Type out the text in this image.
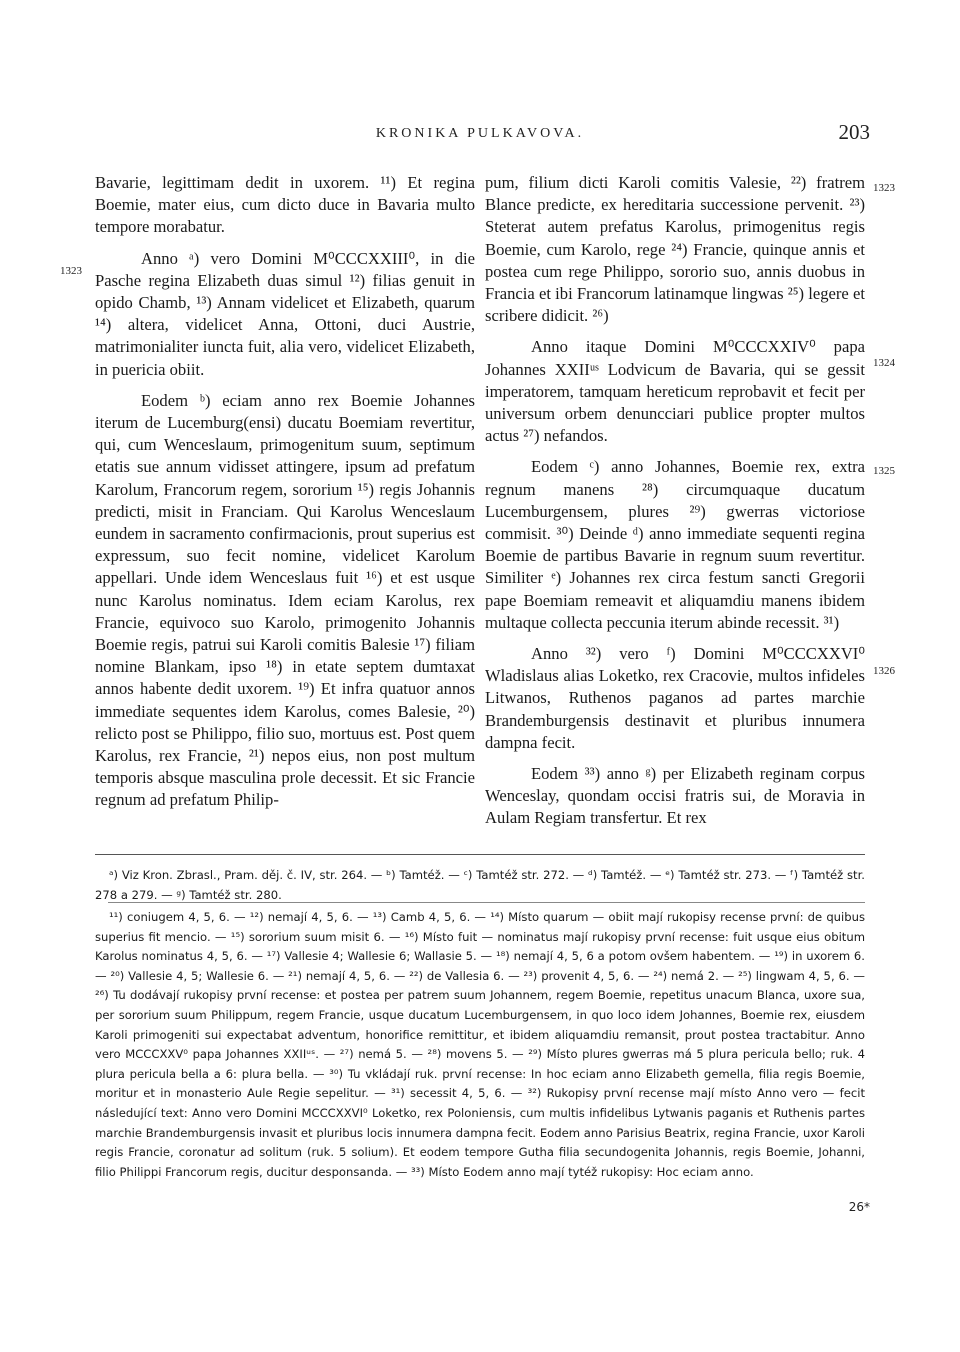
KRONIKA PULKAVOVA.	203
1323
1323
1324
1325
1326

Bavarie, legittimam dedit in uxorem. ¹¹) Et regina Boemie, mater eius, cum dicto duce in Bavaria multo tempore morabatur.

Anno ᵃ) vero Domini M⁰CCCXXIII⁰, in die Pasche regina Elizabeth duas simul ¹²) filias genuit in opido Chamb, ¹³) Annam videlicet et Elizabeth, quarum ¹⁴) altera, videlicet Anna, Ottoni, duci Austrie, matrimonialiter iuncta fuit, alia vero, videlicet Elizabeth, in puericia obiit.

Eodem ᵇ) eciam anno rex Boemie Johannes iterum de Lucemburg(ensi) ducatu Boemiam revertitur, qui, cum Wenceslaum, primogenitum suum, septimum etatis sue annum vidisset attingere, ipsum ad prefatum Karolum, Francorum regem, sororium ¹⁵) regis Johannis predicti, misit in Franciam. Qui Karolus Wenceslaum eundem in sacramento confirmacionis, prout superius est expressum, suo fecit nomine, videlicet Karolum appellari. Unde idem Wenceslaus fuit ¹⁶) et est usque nunc Karolus nominatus. Idem eciam Karolus, rex Francie, equivoco suo Karolo, primogenito Johannis Boemie regis, patrui sui Karoli comitis Balesie ¹⁷) filiam nomine Blankam, ipso ¹⁸) in etate septem dumtaxat annos habente dedit uxorem. ¹⁹) Et infra quatuor annos immediate sequentes idem Karolus, comes Balesie, ²⁰) relicto post se Philippo, filio suo, mortuus est. Post quem Karolus, rex Francie, ²¹) nepos eius, non post multum temporis absque masculina prole decessit. Et sic Francie regnum ad prefatum Philip-

pum, filium dicti Karoli comitis Valesie, ²²) fratrem Blance predicte, ex hereditaria successione pervenit. ²³) Steterat autem prefatus Karolus, primogenitus regis Boemie, cum Karolo, rege ²⁴) Francie, quinque annis et postea cum rege Philippo, sororio suo, annis duobus in Francia et ibi Francorum latinamque lingwas ²⁵) legere et scribere didicit. ²⁶)

Anno itaque Domini M⁰CCCXXIV⁰ papa Johannes XXIIᵘˢ Lodvicum de Bavaria, qui se gessit imperatorem, tamquam hereticum reprobavit et fecit per universum orbem denuncciari publice propter multos actus ²⁷) nefandos.

Eodem ᶜ) anno Johannes, Boemie rex, extra regnum manens ²⁸) circumquaque ducatum Lucemburgensem, plures ²⁹) gwerras victoriose commisit. ³⁰) Deinde ᵈ) anno immediate sequenti regina Boemie de partibus Bavarie in regnum suum revertitur. Similiter ᵉ) Johannes rex circa festum sancti Gregorii pape Boemiam remeavit et aliquamdiu manens ibidem multaque collecta peccunia iterum abinde recessit. ³¹)

Anno ³²) vero ᶠ) Domini M⁰CCCXXVI⁰ Wladislaus alias Loketko, rex Cracovie, multos infideles Litwanos, Ruthenos paganos ad partes marchie Brandemburgensis destinavit et pluribus innumera dampna fecit.

Eodem ³³) anno ᵍ) per Elizabeth reginam corpus Wenceslay, quondam occisi fratris sui, de Moravia in Aulam Regiam transfertur. Et rex

ᵃ) Viz Kron. Zbrasl., Pram. děj. č. IV, str. 264. — ᵇ) Tamtéž. — ᶜ) Tamtéž str. 272. — ᵈ) Tamtéž. — ᵉ) Tamtéž str. 273. — ᶠ) Tamtéž str. 278 a 279. — ᵍ) Tamtéž str. 280.

¹¹) coniugem 4, 5, 6. — ¹²) nemají 4, 5, 6. — ¹³) Camb 4, 5, 6. — ¹⁴) Místo quarum — obiit mají rukopisy recense první: de quibus superius fit mencio. — ¹⁵) sororium suum misit 6. — ¹⁶) Místo fuit — nominatus mají rukopisy první recense: fuit usque eius obitum Karolus nominatus 4, 5, 6. — ¹⁷) Vallesie 4; Wallesie 6; Wallasie 5. — ¹⁸) nemají 4, 5, 6 a potom ovšem habentem. — ¹⁹) in uxorem 6. — ²⁰) Vallesie 4, 5; Wallesie 6. — ²¹) nemají 4, 5, 6. — ²²) de Vallesia 6. — ²³) provenit 4, 5, 6. — ²⁴) nemá 2. — ²⁵) lingwam 4, 5, 6. — ²⁶) Tu dodávají rukopisy první recense: et postea per patrem suum Johannem, regem Boemie, repetitus unacum Blanca, uxore sua, per sororium suum Philippum, regem Francie, usque ducatum Lucemburgensem, in quo loco idem Johannes, Boemie rex, eiusdem Karoli primogeniti sui expectabat adventum, honorifice remittitur, et ibidem aliquamdiu remansit, prout postea tractabitur. Anno vero MCCCXXV⁰ papa Johannes XXIIᵘˢ. — ²⁷) nemá 5. — ²⁸) movens 5. — ²⁹) Místo plures gwerras má 5 plura pericula bello; ruk. 4 plura pericula bella a 6: plura bella. — ³⁰) Tu vkládají ruk. první recense: In hoc eciam anno Elizabeth gemella, filia regis Boemie, moritur et in monasterio Aule Regie sepelitur. — ³¹) secessit 4, 5, 6. — ³²) Rukopisy první recense mají místo Anno vero — fecit následující text: Anno vero Domini MCCCXXVI⁰ Loketko, rex Poloniensis, cum multis infidelibus Lytwanis paganis et Ruthenis partes marchie Brandemburgensis invasit et pluribus locis innumera dampna fecit. Eodem anno Parisius Beatrix, regina Francie, uxor Karoli regis Francie, coronatur ad solitum (ruk. 5 solium). Et eodem tempore Gutha filia secundogenita Johannis, regis Boemie, Johanni, filio Philippi Francorum regis, ducitur desponsanda. — ³³) Místo Eodem anno mají tytéž rukopisy: Hoc eciam anno.

26*
